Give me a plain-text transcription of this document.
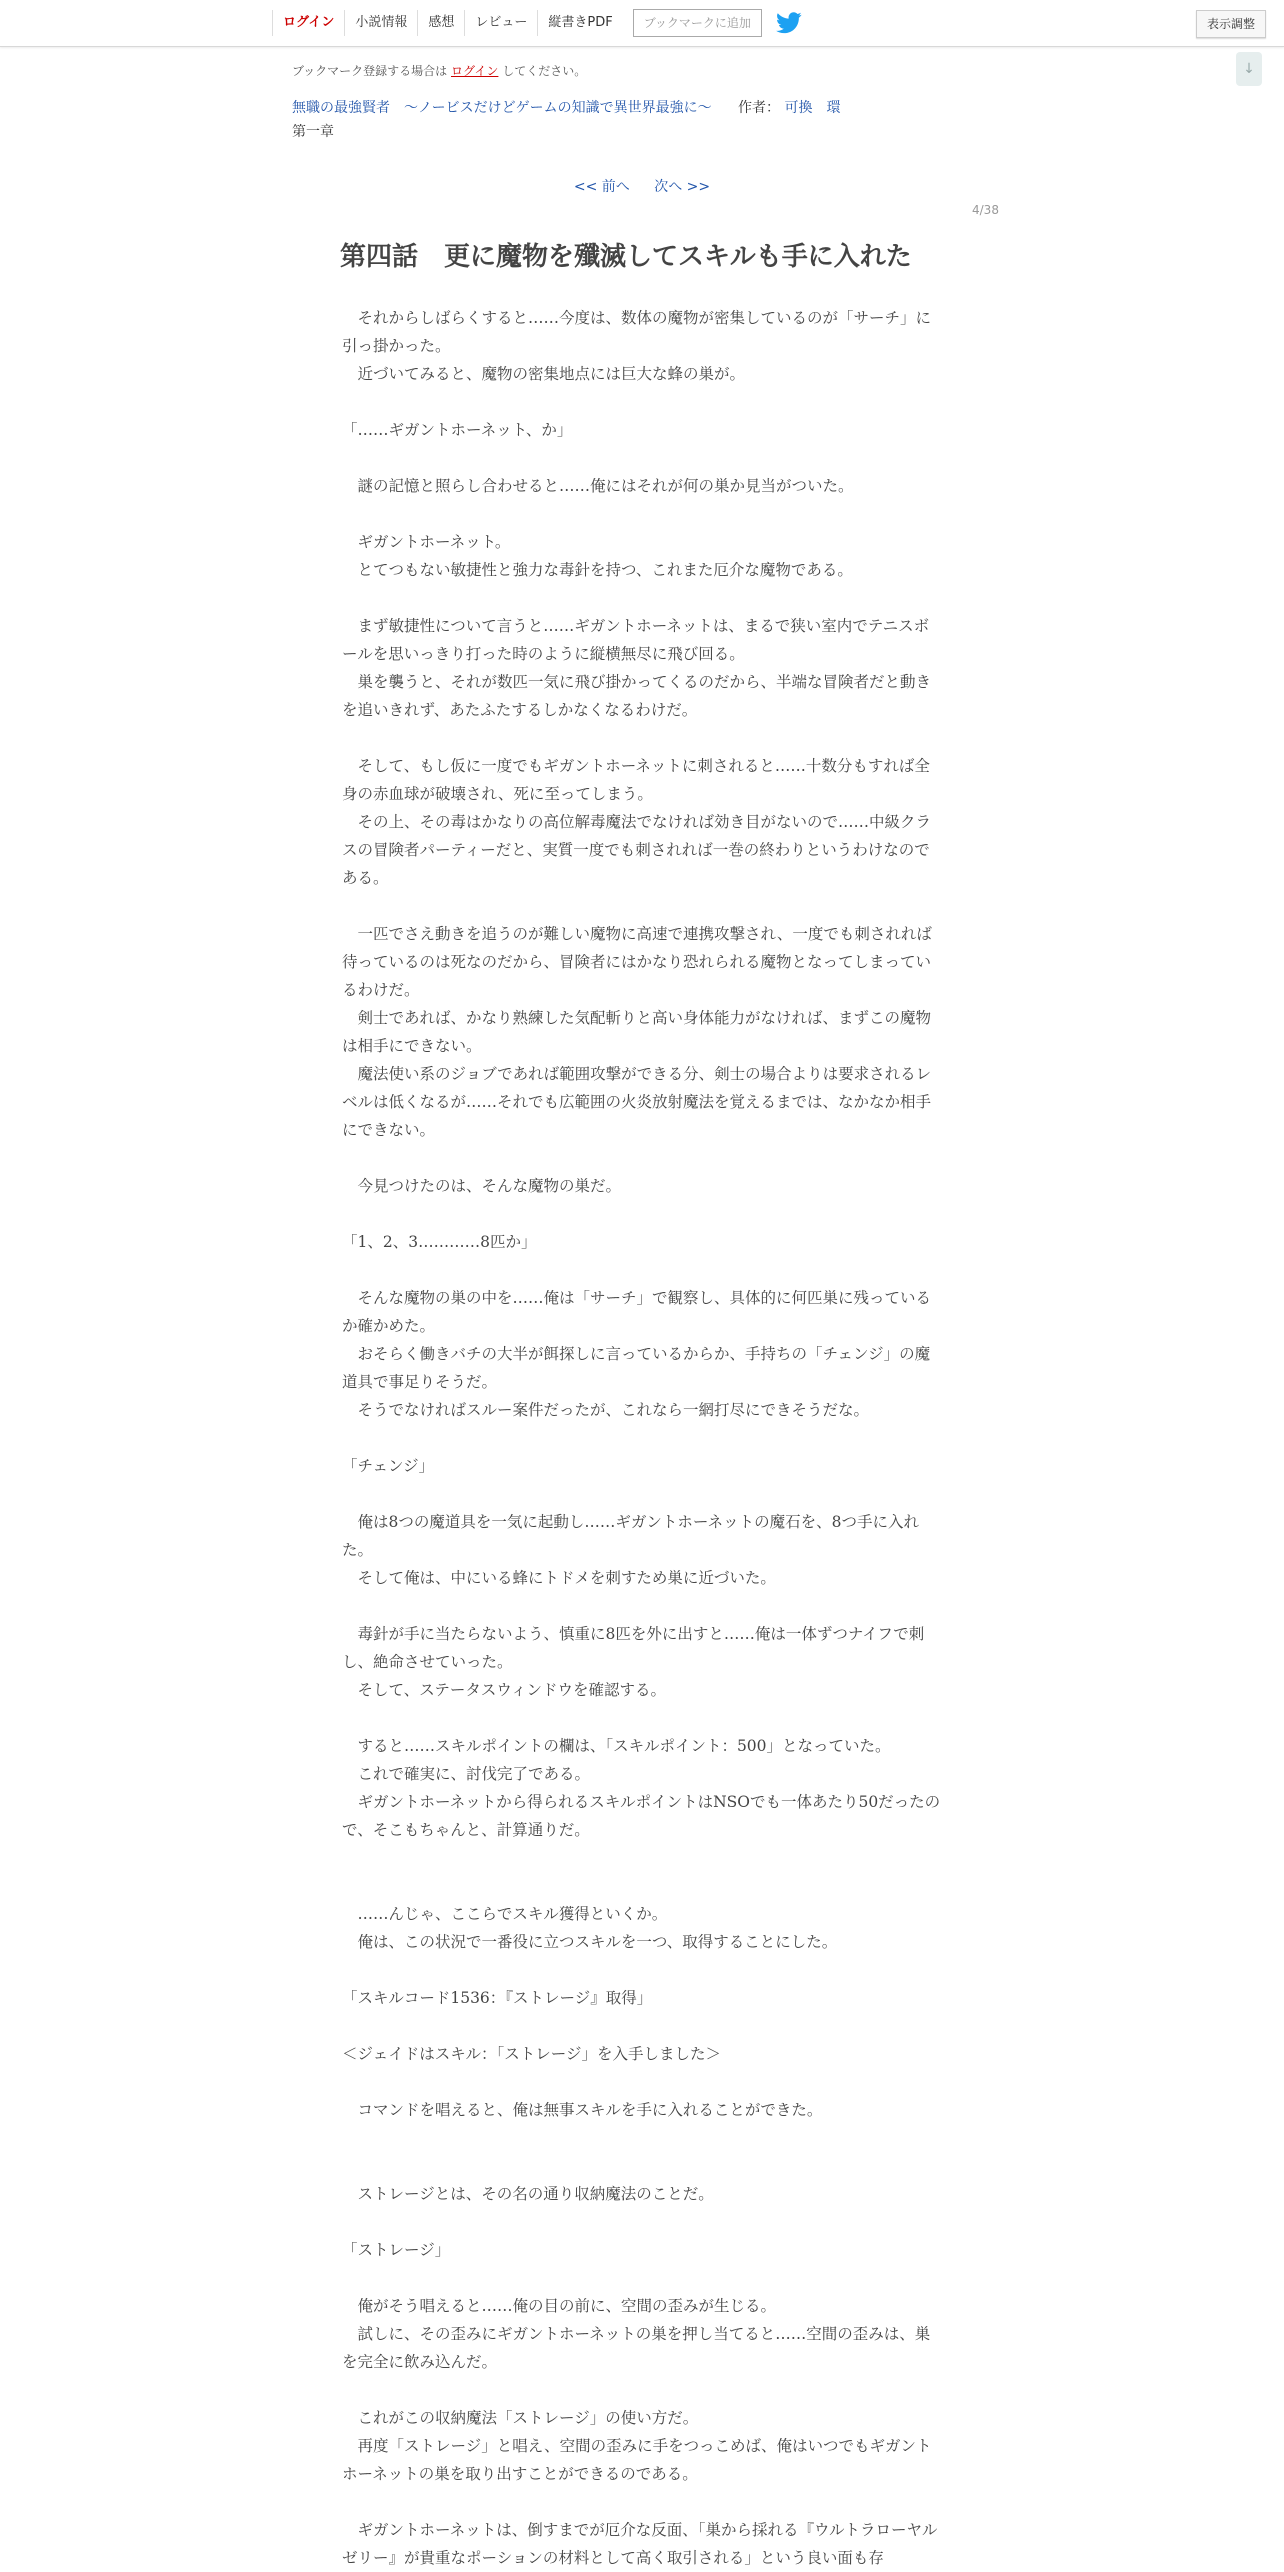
ログイン	小説情報	感想	レビュー	縦書きPDF	ブックマークに追加	表示調整
↓
ブックマーク登録する場合は ログイン してください。
無職の最強賢者　〜ノービスだけどゲームの知識で異世界最強に〜 作者： 可換　環
第一章
<< 前へ 次へ >>
4/38
第四話　更に魔物を殲滅してスキルも手に入れた

　それからしばらくすると……今度は、数体の魔物が密集しているのが「サーチ」に引っ掛かった。

　近づいてみると、魔物の密集地点には巨大な蜂の巣が。

「……ギガントホーネット、か」

　謎の記憶と照らし合わせると……俺にはそれが何の巣か見当がついた。

　ギガントホーネット。

　とてつもない敏捷性と強力な毒針を持つ、これまた厄介な魔物である。

　まず敏捷性について言うと……ギガントホーネットは、まるで狭い室内でテニスボールを思いっきり打った時のように縦横無尽に飛び回る。

　巣を襲うと、それが数匹一気に飛び掛かってくるのだから、半端な冒険者だと動きを追いきれず、あたふたするしかなくなるわけだ。

　そして、もし仮に一度でもギガントホーネットに刺されると……十数分もすれば全身の赤血球が破壊され、死に至ってしまう。

　その上、その毒はかなりの高位解毒魔法でなければ効き目がないので……中級クラスの冒険者パーティーだと、実質一度でも刺されれば一巻の終わりというわけなのである。

　一匹でさえ動きを追うのが難しい魔物に高速で連携攻撃され、一度でも刺されれば待っているのは死なのだから、冒険者にはかなり恐れられる魔物となってしまっているわけだ。

　剣士であれば、かなり熟練した気配斬りと高い身体能力がなければ、まずこの魔物は相手にできない。

　魔法使い系のジョブであれば範囲攻撃ができる分、剣士の場合よりは要求されるレベルは低くなるが……それでも広範囲の火炎放射魔法を覚えるまでは、なかなか相手にできない。

　今見つけたのは、そんな魔物の巣だ。

「1、2、3…………8匹か」

　そんな魔物の巣の中を……俺は「サーチ」で観察し、具体的に何匹巣に残っているか確かめた。

　おそらく働きバチの大半が餌探しに言っているからか、手持ちの「チェンジ」の魔道具で事足りそうだ。

　そうでなければスルー案件だったが、これなら一網打尽にできそうだな。

「チェンジ」

　俺は8つの魔道具を一気に起動し……ギガントホーネットの魔石を、8つ手に入れた。

　そして俺は、中にいる蜂にトドメを刺すため巣に近づいた。

　毒針が手に当たらないよう、慎重に8匹を外に出すと……俺は一体ずつナイフで刺し、絶命させていった。

　そして、ステータスウィンドウを確認する。

　すると……スキルポイントの欄は、「スキルポイント：500」となっていた。

　これで確実に、討伐完了である。

　ギガントホーネットから得られるスキルポイントはNSOでも一体あたり50だったので、そこもちゃんと、計算通りだ。

　……んじゃ、ここらでスキル獲得といくか。

　俺は、この状況で一番役に立つスキルを一つ、取得することにした。

「スキルコード1536：『ストレージ』取得」

＜ジェイドはスキル：「ストレージ」を入手しました＞

　コマンドを唱えると、俺は無事スキルを手に入れることができた。

　ストレージとは、その名の通り収納魔法のことだ。

「ストレージ」

　俺がそう唱えると……俺の目の前に、空間の歪みが生じる。

　試しに、その歪みにギガントホーネットの巣を押し当てると……空間の歪みは、巣を完全に飲み込んだ。

　これがこの収納魔法「ストレージ」の使い方だ。

　再度「ストレージ」と唱え、空間の歪みに手をつっこめば、俺はいつでもギガントホーネットの巣を取り出すことができるのである。

　ギガントホーネットは、倒すまでが厄介な反面、「巣から採れる『ウルトラローヤルゼリー』が貴重なポーションの材料として高く取引される」という良い面も存
